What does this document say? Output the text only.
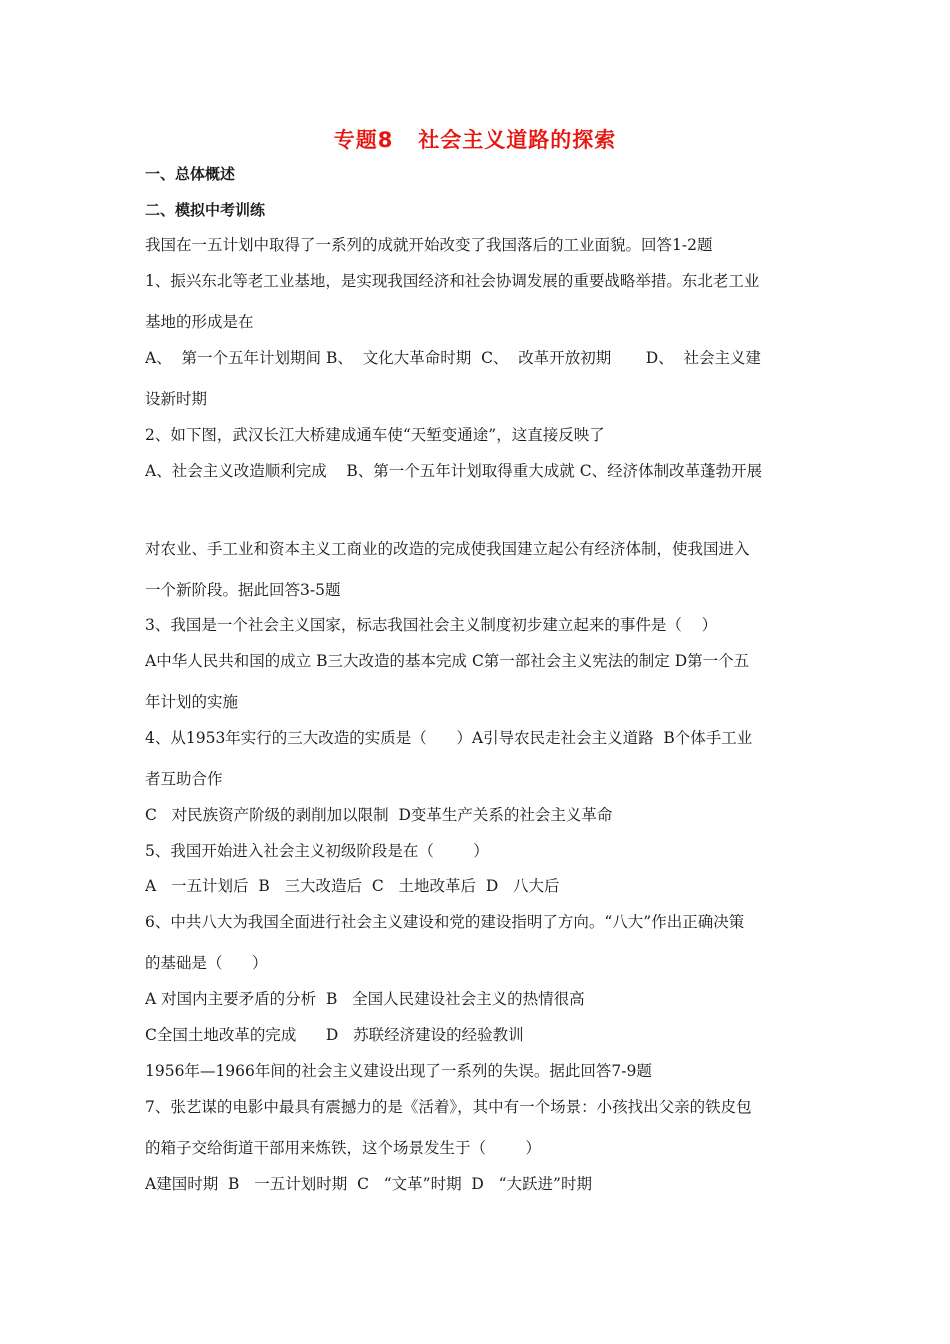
专题8   社会主义道路的探索
一、总体概述
二、模拟中考训练
我国在一五计划中取得了一系列的成就开始改变了我国落后的工业面貌。回答1-2题
1、振兴东北等老工业基地，是实现我国经济和社会协调发展的重要战略举措。东北老工业
基地的形成是在
A、  第一个五年计划期间 B、  文化大革命时期  C、  改革开放初期       D、  社会主义建
设新时期
2、如下图，武汉长江大桥建成通车使“天堑变通途”，这直接反映了
A、社会主义改造顺利完成    B、第一个五年计划取得重大成就 C、经济体制改革蓬勃开展
对农业、手工业和资本主义工商业的改造的完成使我国建立起公有经济体制，使我国进入
一个新阶段。据此回答3-5题
3、我国是一个社会主义国家，标志我国社会主义制度初步建立起来的事件是（    ）
A中华人民共和国的成立 B三大改造的基本完成 C第一部社会主义宪法的制定 D第一个五
年计划的实施
4、从1953年实行的三大改造的实质是（      ）A引导农民走社会主义道路  B个体手工业
者互助合作
C   对民族资产阶级的剥削加以限制  D变革生产关系的社会主义革命
5、我国开始进入社会主义初级阶段是在（        ）
A   一五计划后  B   三大改造后  C   土地改革后  D   八大后
6、中共八大为我国全面进行社会主义建设和党的建设指明了方向。“八大”作出正确决策
的基础是（      ）
A 对国内主要矛盾的分析  B   全国人民建设社会主义的热情很高
C全国土地改革的完成      D   苏联经济建设的经验教训
1956年—1966年间的社会主义建设出现了一系列的失误。据此回答7-9题
7、张艺谋的电影中最具有震撼力的是《活着》，其中有一个场景：小孩找出父亲的铁皮包
的箱子交给街道干部用来炼铁，这个场景发生于（        ）
A建国时期  B   一五计划时期  C   “文革”时期  D   “大跃进”时期
